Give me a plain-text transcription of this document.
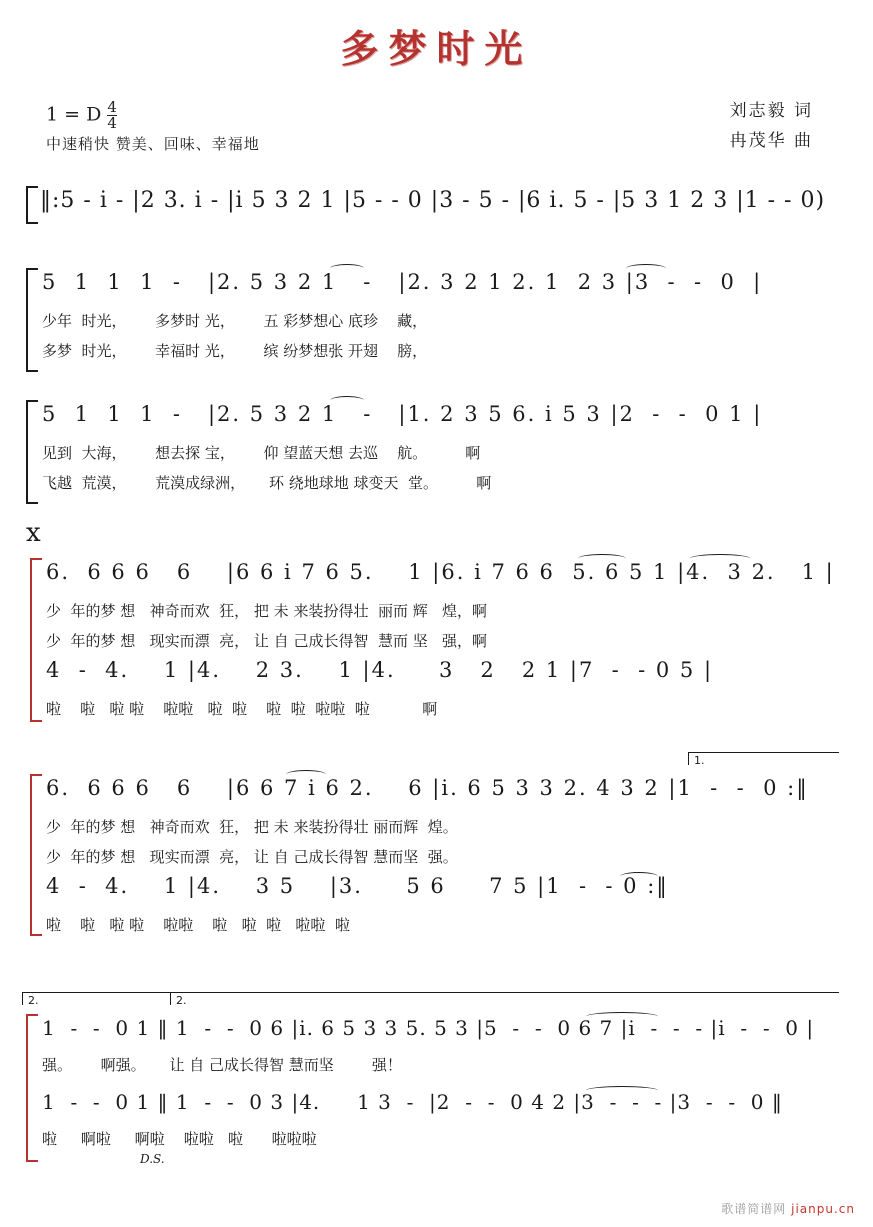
多梦时光
1 = D $\frac{4}{4}$
中速稍快 赞美、回味、幸福地
刘志毅 词
冉茂华 曲
‖:5 - i - |2 3. i - |i 5 3 2 1 |5 - - 0 |3 - 5 - |6 i. 5 - |5 3 1 2 3 |1 - - 0)
5  1  1  1  -   |2. 5 3 2 1   -   |2. 3 2 1 2. 1  2 3 |3  -  -  0  |
少年  时光，      多梦时 光，      五 彩梦想心 底珍    藏，
多梦  时光，      幸福时 光，      缤 纷梦想张 开翅    膀，
5  1  1  1  -   |2. 5 3 2 1   -   |1. 2 3 5 6. i 5 3 |2  -  -  0 1 |
见到  大海，      想去探 宝，      仰 望蓝天想 去巡    航。        啊
飞越  荒漠，      荒漠成绿洲，     环 绕地球地 球变天  堂。        啊
x
6.  6 6 6   6    |6 6 i 7 6 5.    1 |6. i 7 6 6  5. 6 5 1 |4.  3 2.   1 |
少  年的梦 想   神奇而欢  狂， 把 未 来装扮得壮  丽而 辉   煌，啊
少  年的梦 想   现实而漂  亮， 让 自 己成长得智  慧而 坚   强，啊
4  -  4.    1 |4.    2 3.    1 |4.     3   2   2 1 |7  -  - 0 5 |
啦    啦   啦 啦    啦啦   啦  啦    啦  啦  啦啦  啦           啊
1.
6.  6 6 6   6    |6 6 7 i 6 2.    6 |i. 6 5 3 3 2. 4 3 2 |1  -  -  0 :‖
少  年的梦 想   神奇而欢  狂， 把 未 来装扮得壮 丽而辉  煌。
少  年的梦 想   现实而漂  亮， 让 自 己成长得智 慧而坚  强。
4  -  4.    1 |4.    3 5    |3.     5 6     7 5 |1  -  - 0 :‖
啦    啦   啦 啦    啦啦    啦   啦  啦   啦啦  啦
2.	2.
1  -  -  0 1 ‖ 1  -  -  0 6 |i. 6 5 3 3 5. 5 3 |5  -  -  0 6 7 |i  -  -  - |i  -  -  0 |
强。      啊强。     让 自 己成长得智 慧而坚        强！
1  -  -  0 1 ‖ 1  -  -  0 3 |4.     1 3  -  |2  -  -  0 4 2 |3  -  -  - |3  -  -  0 ‖
啦     啊啦     啊啦    啦啦   啦      啦啦啦
D.S.
歌谱简谱网 jianpu.cn
